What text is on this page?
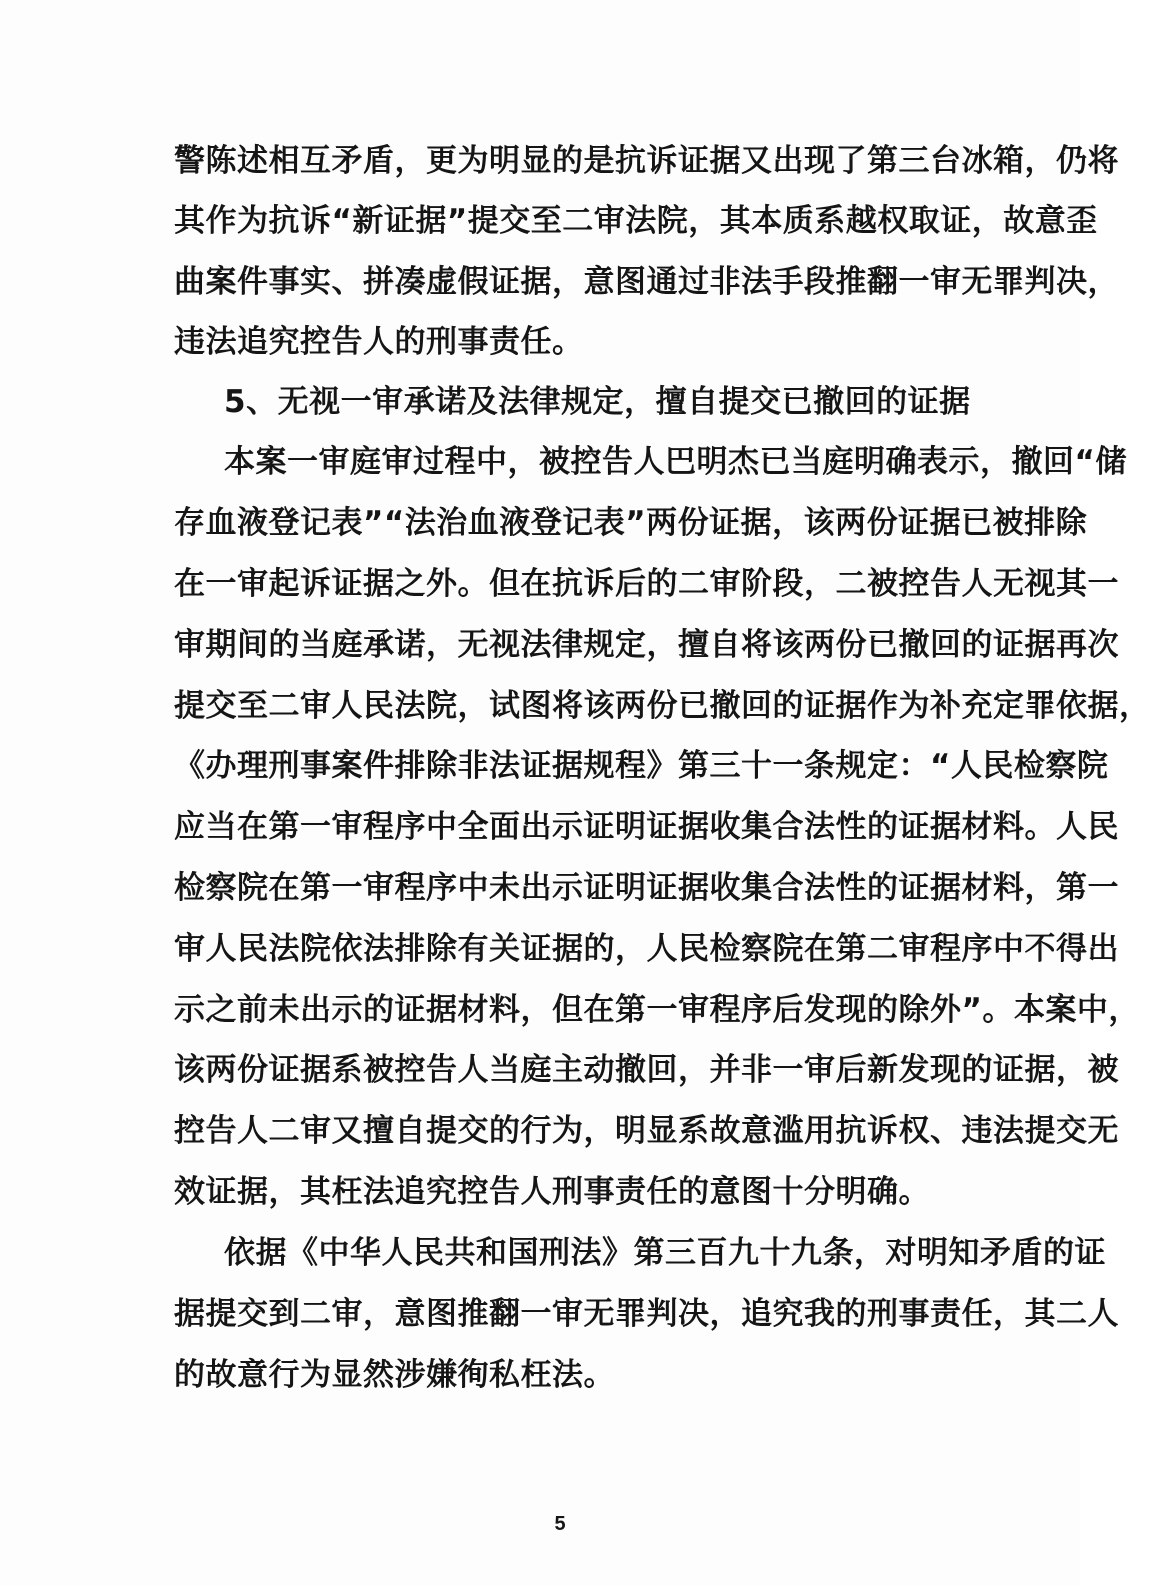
警陈述相互矛盾，更为明显的是抗诉证据又出现了第三台冰箱，仍将
其作为抗诉“新证据”提交至二审法院，其本质系越权取证，故意歪
曲案件事实、拼凑虚假证据，意图通过非法手段推翻一审无罪判决，
违法追究控告人的刑事责任。
5、无视一审承诺及法律规定，擅自提交已撤回的证据
本案一审庭审过程中，被控告人巴明杰已当庭明确表示，撤回“储
存血液登记表”“法治血液登记表”两份证据，该两份证据已被排除
在一审起诉证据之外。但在抗诉后的二审阶段，二被控告人无视其一
审期间的当庭承诺，无视法律规定，擅自将该两份已撤回的证据再次
提交至二审人民法院，试图将该两份已撤回的证据作为补充定罪依据，
《办理刑事案件排除非法证据规程》第三十一条规定：“人民检察院
应当在第一审程序中全面出示证明证据收集合法性的证据材料。人民
检察院在第一审程序中未出示证明证据收集合法性的证据材料，第一
审人民法院依法排除有关证据的，人民检察院在第二审程序中不得出
示之前未出示的证据材料，但在第一审程序后发现的除外”。本案中，
该两份证据系被控告人当庭主动撤回，并非一审后新发现的证据，被
控告人二审又擅自提交的行为，明显系故意滥用抗诉权、违法提交无
效证据，其枉法追究控告人刑事责任的意图十分明确。
依据《中华人民共和国刑法》第三百九十九条，对明知矛盾的证
据提交到二审，意图推翻一审无罪判决，追究我的刑事责任，其二人
的故意行为显然涉嫌徇私枉法。
5
